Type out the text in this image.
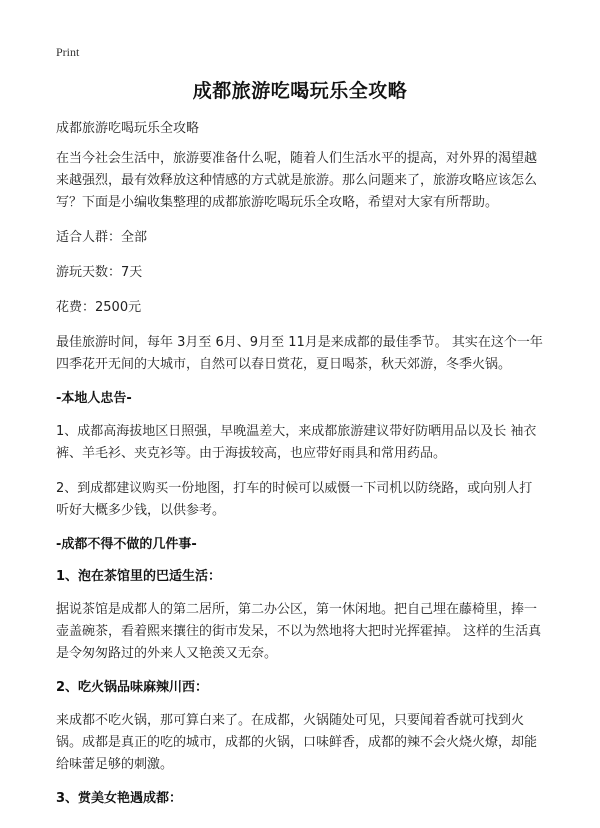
Print
成都旅游吃喝玩乐全攻略
成都旅游吃喝玩乐全攻略
在当今社会生活中，旅游要准备什么呢，随着人们生活水平的提高，对外界的渴望越来越强烈，最有效释放这种情感的方式就是旅游。那么问题来了，旅游攻略应该怎么写？下面是小编收集整理的成都旅游吃喝玩乐全攻略，希望对大家有所帮助。
适合人群：全部
游玩天数：7天
花费：2500元
最佳旅游时间，每年 3月至 6月、9月至 11月是来成都的最佳季节。 其实在这个一年四季花开无间的大城市，自然可以春日赏花，夏日喝茶，秋天郊游，冬季火锅。
-本地人忠告-
1、成都高海拔地区日照强，早晚温差大，来成都旅游建议带好防晒用品以及长 袖衣裤、羊毛衫、夹克衫等。由于海拔较高，也应带好雨具和常用药品。
2、到成都建议购买一份地图，打车的时候可以威慑一下司机以防绕路，或向别人打听好大概多少钱，以供参考。
-成都不得不做的几件事-
1、泡在茶馆里的巴适生活：
据说茶馆是成都人的第二居所，第二办公区，第一休闲地。把自己埋在藤椅里，捧一壶盖碗茶，看着熙来攘往的街市发呆，不以为然地将大把时光挥霍掉。 这样的生活真是令匆匆路过的外来人又艳羡又无奈。
2、吃火锅品味麻辣川西：
来成都不吃火锅，那可算白来了。在成都，火锅随处可见，只要闻着香就可找到火锅。成都是真正的吃的城市，成都的火锅，口味鲜香，成都的辣不会火烧火燎，却能给味蕾足够的刺激。
3、赏美女艳遇成都：
